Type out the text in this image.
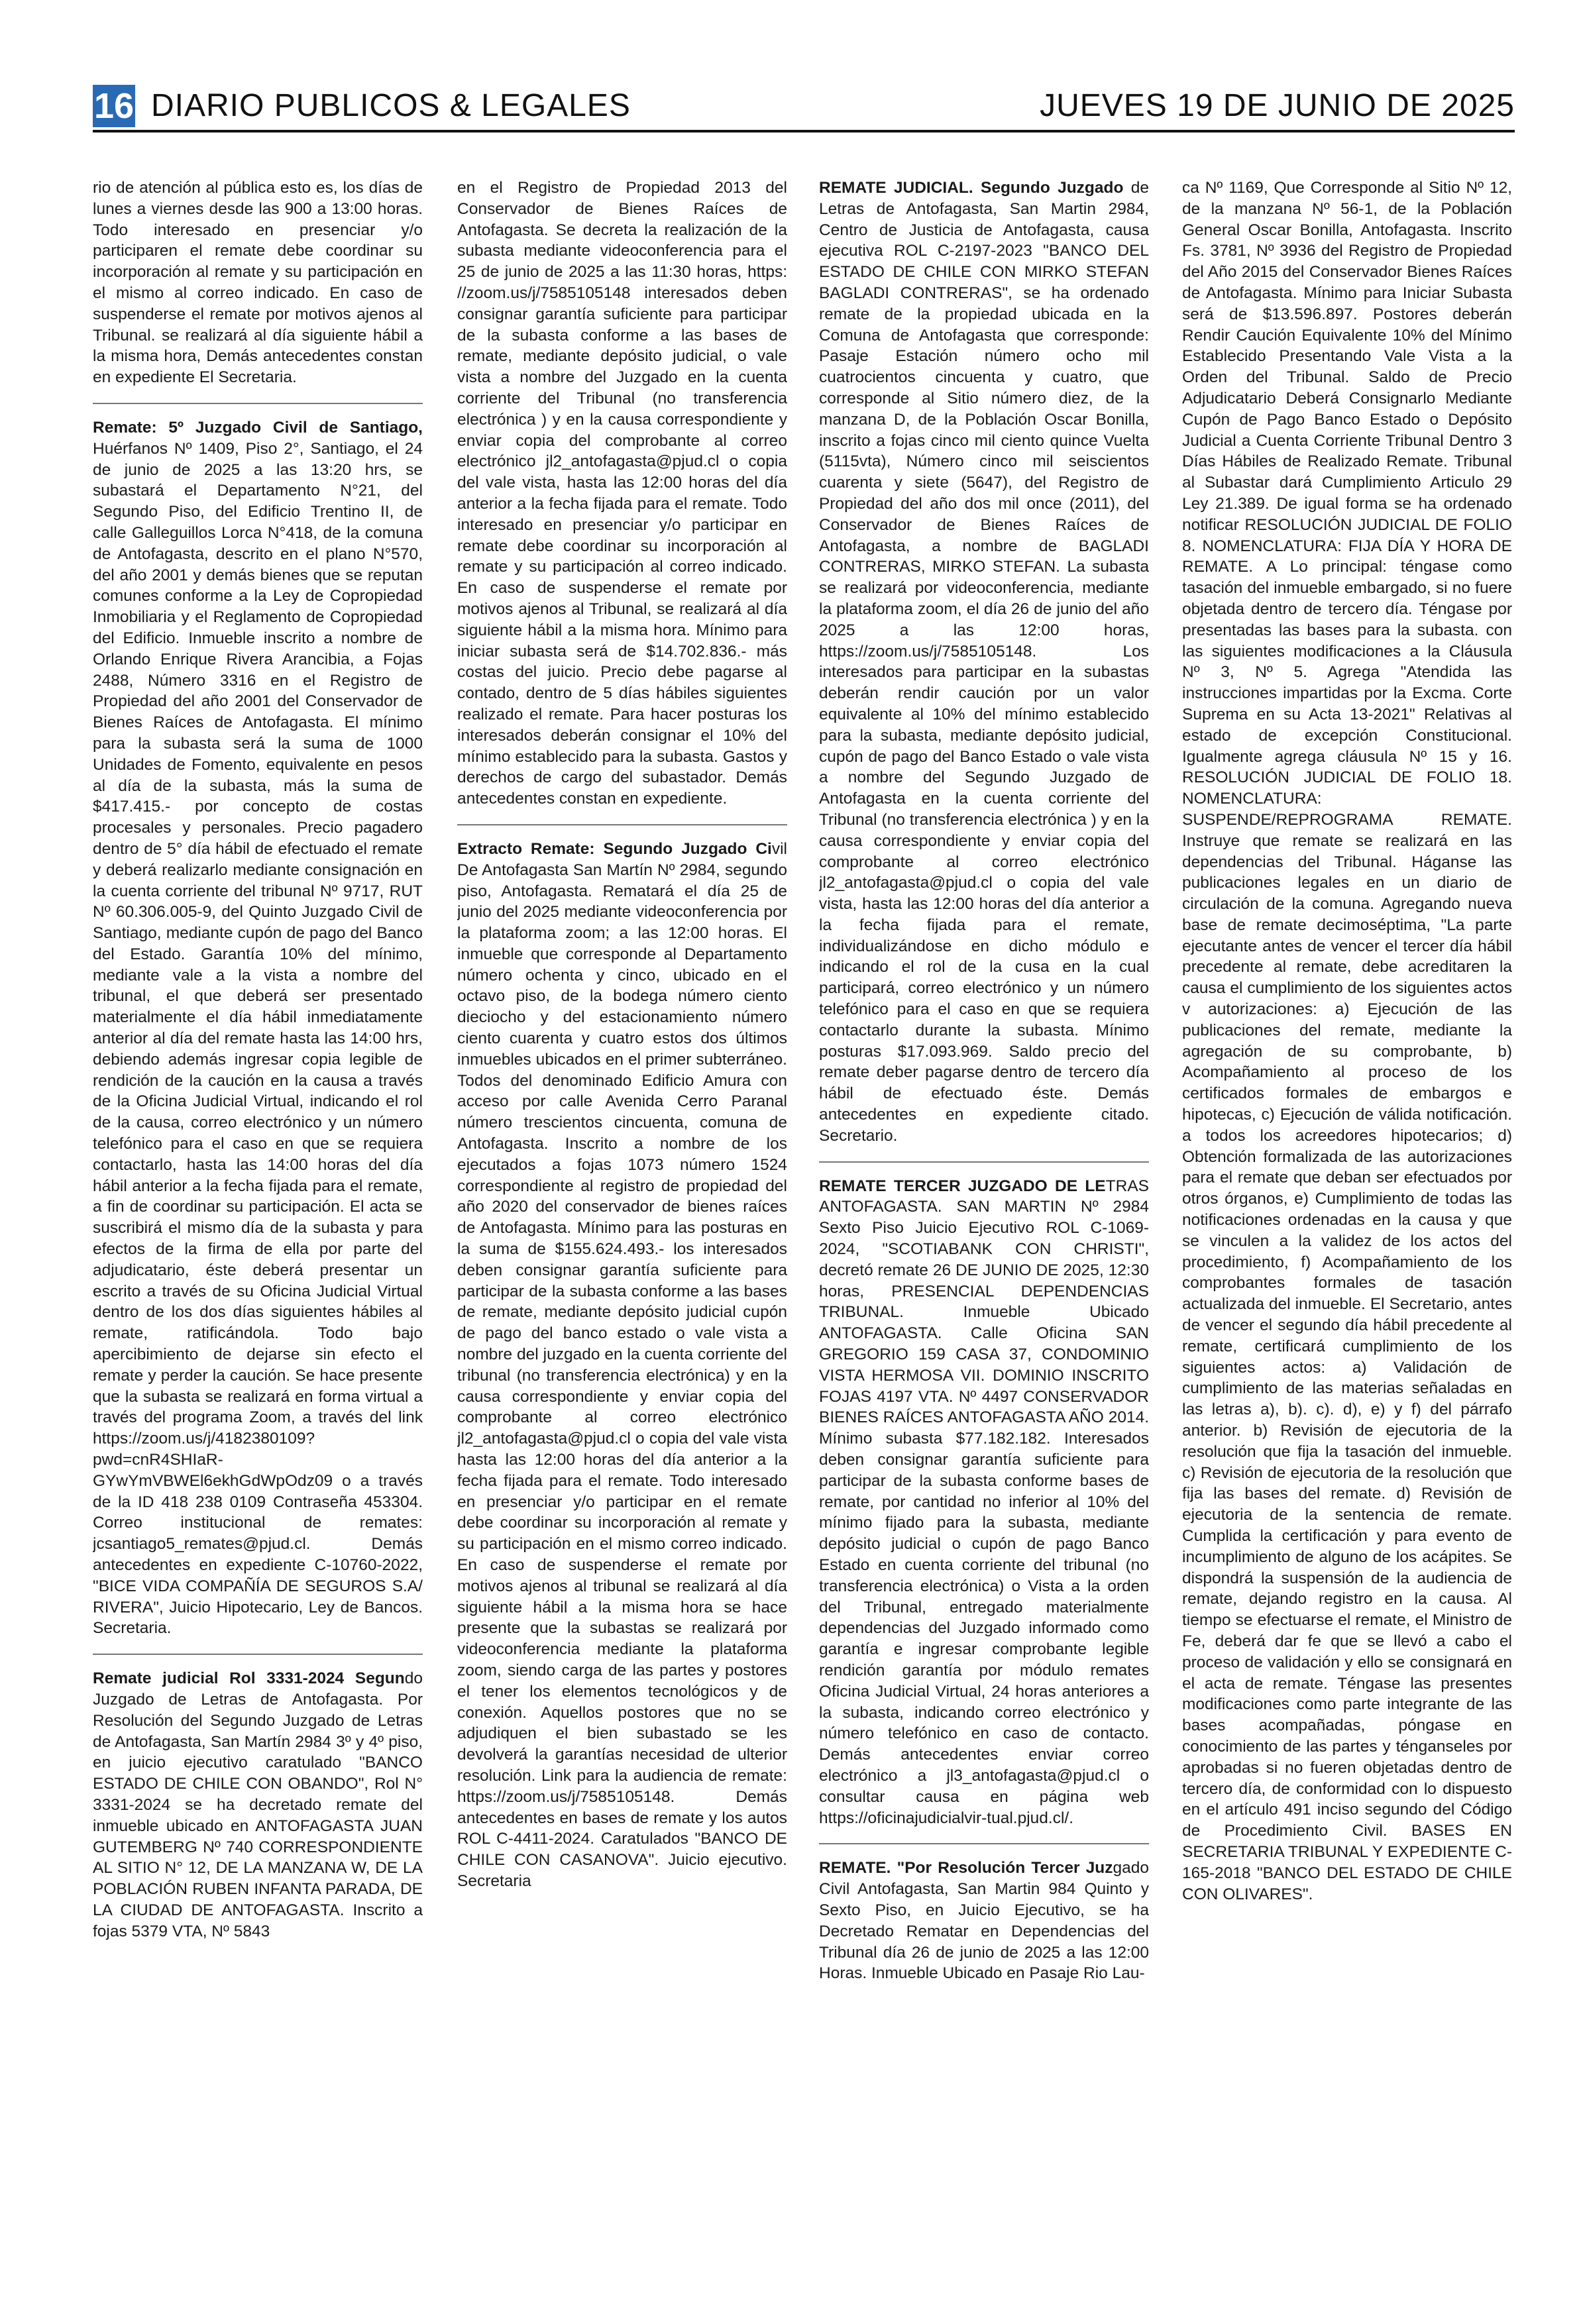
16 DIARIO PUBLICOS & LEGALES	JUEVES 19 DE JUNIO DE 2025

rio de atención al pública esto es, los días de lunes a viernes desde las 900 a 13:00 horas. Todo interesado en presenciar y/o participaren el remate debe coordinar su incorporación al remate y su participación en el mismo al correo indicado. En caso de suspenderse el remate por motivos ajenos al Tribunal. se realizará al día siguiente hábil a la misma hora, Demás antecedentes constan en expediente El Secretaria.

Remate: 5º Juzgado Civil de Santiago, Huérfanos Nº 1409, Piso 2°, Santiago, el 24 de junio de 2025 a las 13:20 hrs, se subastará el Departamento N°21, del Segundo Piso, del Edificio Trentino II, de calle Galleguillos Lorca N°418, de la comuna de Antofagasta, descrito en el plano N°570, del año 2001 y demás bienes que se reputan comunes conforme a la Ley de Copropiedad Inmobiliaria y el Reglamento de Copropiedad del Edificio. Inmueble inscrito a nombre de Orlando Enrique Rivera Arancibia, a Fojas 2488, Número 3316 en el Registro de Propiedad del año 2001 del Conservador de Bienes Raíces de Antofagasta. El mínimo para la subasta será la suma de 1000 Unidades de Fomento, equivalente en pesos al día de la subasta, más la suma de $417.415.- por concepto de costas procesales y personales. Precio pagadero dentro de 5° día hábil de efectuado el remate y deberá realizarlo mediante consignación en la cuenta corriente del tribunal Nº 9717, RUT Nº 60.306.005-9, del Quinto Juzgado Civil de Santiago, mediante cupón de pago del Banco del Estado. Garantía 10% del mínimo, mediante vale a la vista a nombre del tribunal, el que deberá ser presentado materialmente el día hábil inmediatamente anterior al día del remate hasta las 14:00 hrs, debiendo además ingresar copia legible de rendición de la caución en la causa a través de la Oficina Judicial Virtual, indicando el rol de la causa, correo electrónico y un número telefónico para el caso en que se requiera contactarlo, hasta las 14:00 horas del día hábil anterior a la fecha fijada para el remate, a fin de coordinar su participación. El acta se suscribirá el mismo día de la subasta y para efectos de la firma de ella por parte del adjudicatario, éste deberá presentar un escrito a través de su Oficina Judicial Virtual dentro de los dos días siguientes hábiles al remate, ratificándola. Todo bajo apercibimiento de dejarse sin efecto el remate y perder la caución. Se hace presente que la subasta se realizará en forma virtual a través del programa Zoom, a través del link https://zoom.us/j/4182380109?pwd=cnR4SHIaR-GYwYmVBWEl6ekhGdWpOdz09 o a través de la ID 418 238 0109 Contraseña 453304. Correo institucional de remates: jcsantiago5_remates@pjud.cl. Demás antecedentes en expediente C-10760-2022, "BICE VIDA COMPAÑÍA DE SEGUROS S.A/ RIVERA", Juicio Hipotecario, Ley de Bancos. Secretaria.

Remate judicial Rol 3331-2024 Segundo Juzgado de Letras de Antofagasta. Por Resolución del Segundo Juzgado de Letras de Antofagasta, San Martín 2984 3º y 4º piso, en juicio ejecutivo caratulado "BANCO ESTADO DE CHILE CON OBANDO", Rol N° 3331-2024 se ha decretado remate del inmueble ubicado en ANTOFAGASTA JUAN GUTEMBERG Nº 740 CORRESPONDIENTE AL SITIO N° 12, DE LA MANZANA W, DE LA POBLACIÓN RUBEN INFANTA PARADA, DE LA CIUDAD DE ANTOFAGASTA. Inscrito a fojas 5379 VTA, Nº 5843

en el Registro de Propiedad 2013 del Conservador de Bienes Raíces de Antofagasta. Se decreta la realización de la subasta mediante videoconferencia para el 25 de junio de 2025 a las 11:30 horas, https: //zoom.us/j/7585105148 interesados deben consignar garantía suficiente para participar de la subasta conforme a las bases de remate, mediante depósito judicial, o vale vista a nombre del Juzgado en la cuenta corriente del Tribunal (no transferencia electrónica ) y en la causa correspondiente y enviar copia del comprobante al correo electrónico jl2_antofagasta@pjud.cl o copia del vale vista, hasta las 12:00 horas del día anterior a la fecha fijada para el remate. Todo interesado en presenciar y/o participar en remate debe coordinar su incorporación al remate y su participación al correo indicado. En caso de suspenderse el remate por motivos ajenos al Tribunal, se realizará al día siguiente hábil a la misma hora. Mínimo para iniciar subasta será de $14.702.836.- más costas del juicio. Precio debe pagarse al contado, dentro de 5 días hábiles siguientes realizado el remate. Para hacer posturas los interesados deberán consignar el 10% del mínimo establecido para la subasta. Gastos y derechos de cargo del subastador. Demás antecedentes constan en expediente.

Extracto Remate: Segundo Juzgado Civil De Antofagasta San Martín Nº 2984, segundo piso, Antofagasta. Rematará el día 25 de junio del 2025 mediante videoconferencia por la plataforma zoom; a las 12:00 horas. El inmueble que corresponde al Departamento número ochenta y cinco, ubicado en el octavo piso, de la bodega número ciento dieciocho y del estacionamiento número ciento cuarenta y cuatro estos dos últimos inmuebles ubicados en el primer subterráneo. Todos del denominado Edificio Amura con acceso por calle Avenida Cerro Paranal número trescientos cincuenta, comuna de Antofagasta. Inscrito a nombre de los ejecutados a fojas 1073 número 1524 correspondiente al registro de propiedad del año 2020 del conservador de bienes raíces de Antofagasta. Mínimo para las posturas en la suma de $155.624.493.- los interesados deben consignar garantía suficiente para participar de la subasta conforme a las bases de remate, mediante depósito judicial cupón de pago del banco estado o vale vista a nombre del juzgado en la cuenta corriente del tribunal (no transferencia electrónica) y en la causa correspondiente y enviar copia del comprobante al correo electrónico jl2_antofagasta@pjud.cl o copia del vale vista hasta las 12:00 horas del día anterior a la fecha fijada para el remate. Todo interesado en presenciar y/o participar en el remate debe coordinar su incorporación al remate y su participación en el mismo correo indicado. En caso de suspenderse el remate por motivos ajenos al tribunal se realizará al día siguiente hábil a la misma hora se hace presente que la subastas se realizará por videoconferencia mediante la plataforma zoom, siendo carga de las partes y postores el tener los elementos tecnológicos y de conexión. Aquellos postores que no se adjudiquen el bien subastado se les devolverá la garantías necesidad de ulterior resolución. Link para la audiencia de remate: https://zoom.us/j/7585105148. Demás antecedentes en bases de remate y los autos ROL C-4411-2024. Caratulados "BANCO DE CHILE CON CASANOVA". Juicio ejecutivo. Secretaria

REMATE JUDICIAL. Segundo Juzgado de Letras de Antofagasta, San Martin 2984, Centro de Justicia de Antofagasta, causa ejecutiva ROL C-2197-2023 "BANCO DEL ESTADO DE CHILE CON MIRKO STEFAN BAGLADI CONTRERAS", se ha ordenado remate de la propiedad ubicada en la Comuna de Antofagasta que corresponde: Pasaje Estación número ocho mil cuatrocientos cincuenta y cuatro, que corresponde al Sitio número diez, de la manzana D, de la Población Oscar Bonilla, inscrito a fojas cinco mil ciento quince Vuelta (5115vta), Número cinco mil seiscientos cuarenta y siete (5647), del Registro de Propiedad del año dos mil once (2011), del Conservador de Bienes Raíces de Antofagasta, a nombre de BAGLADI CONTRERAS, MIRKO STEFAN. La subasta se realizará por videoconferencia, mediante la plataforma zoom, el día 26 de junio del año 2025 a las 12:00 horas, https://zoom.us/j/7585105148. Los interesados para participar en la subastas deberán rendir caución por un valor equivalente al 10% del mínimo establecido para la subasta, mediante depósito judicial, cupón de pago del Banco Estado o vale vista a nombre del Segundo Juzgado de Antofagasta en la cuenta corriente del Tribunal (no transferencia electrónica ) y en la causa correspondiente y enviar copia del comprobante al correo electrónico jl2_antofagasta@pjud.cl o copia del vale vista, hasta las 12:00 horas del día anterior a la fecha fijada para el remate, individualizándose en dicho módulo e indicando el rol de la cusa en la cual participará, correo electrónico y un número telefónico para el caso en que se requiera contactarlo durante la subasta. Mínimo posturas $17.093.969. Saldo precio del remate deber pagarse dentro de tercero día hábil de efectuado éste. Demás antecedentes en expediente citado. Secretario.

REMATE TERCER JUZGADO DE LETRAS ANTOFAGASTA. SAN MARTIN Nº 2984 Sexto Piso Juicio Ejecutivo ROL C-1069-2024, "SCOTIABANK CON CHRISTI", decretó remate 26 DE JUNIO DE 2025, 12:30 horas, PRESENCIAL DEPENDENCIAS TRIBUNAL. Inmueble Ubicado ANTOFAGASTA. Calle Oficina SAN GREGORIO 159 CASA 37, CONDOMINIO VISTA HERMOSA VII. DOMINIO INSCRITO FOJAS 4197 VTA. Nº 4497 CONSERVADOR BIENES RAÍCES ANTOFAGASTA AÑO 2014. Mínimo subasta $77.182.182. Interesados deben consignar garantía suficiente para participar de la subasta conforme bases de remate, por cantidad no inferior al 10% del mínimo fijado para la subasta, mediante depósito judicial o cupón de pago Banco Estado en cuenta corriente del tribunal (no transferencia electrónica) o Vista a la orden del Tribunal, entregado materialmente dependencias del Juzgado informado como garantía e ingresar comprobante legible rendición garantía por módulo remates Oficina Judicial Virtual, 24 horas anteriores a la subasta, indicando correo electrónico y número telefónico en caso de contacto. Demás antecedentes enviar correo electrónico a jl3_antofagasta@pjud.cl o consultar causa en página web https://oficinajudicialvir-tual.pjud.cl/.

REMATE. "Por Resolución Tercer Juzgado Civil Antofagasta, San Martin 984 Quinto y Sexto Piso, en Juicio Ejecutivo, se ha Decretado Rematar en Dependencias del Tribunal día 26 de junio de 2025 a las 12:00 Horas. Inmueble Ubicado en Pasaje Rio Lau-

ca Nº 1169, Que Corresponde al Sitio Nº 12, de la manzana Nº 56-1, de la Población General Oscar Bonilla, Antofagasta. Inscrito Fs. 3781, Nº 3936 del Registro de Propiedad del Año 2015 del Conservador Bienes Raíces de Antofagasta. Mínimo para Iniciar Subasta será de $13.596.897. Postores deberán Rendir Caución Equivalente 10% del Mínimo Establecido Presentando Vale Vista a la Orden del Tribunal. Saldo de Precio Adjudicatario Deberá Consignarlo Mediante Cupón de Pago Banco Estado o Depósito Judicial a Cuenta Corriente Tribunal Dentro 3 Días Hábiles de Realizado Remate. Tribunal al Subastar dará Cumplimiento Articulo 29 Ley 21.389. De igual forma se ha ordenado notificar RESOLUCIÓN JUDICIAL DE FOLIO 8. NOMENCLATURA: FIJA DÍA Y HORA DE REMATE. A Lo principal: téngase como tasación del inmueble embargado, si no fuere objetada dentro de tercero día. Téngase por presentadas las bases para la subasta. con las siguientes modificaciones a la Cláusula Nº 3, Nº 5. Agrega "Atendida las instrucciones impartidas por la Excma. Corte Suprema en su Acta 13-2021" Relativas al estado de excepción Constitucional. Igualmente agrega cláusula Nº 15 y 16. RESOLUCIÓN JUDICIAL DE FOLIO 18. NOMENCLATURA: SUSPENDE/REPROGRAMA REMATE. Instruye que remate se realizará en las dependencias del Tribunal. Háganse las publicaciones legales en un diario de circulación de la comuna. Agregando nueva base de remate decimoséptima, "La parte ejecutante antes de vencer el tercer día hábil precedente al remate, debe acreditaren la causa el cumplimiento de los siguientes actos v autorizaciones: a) Ejecución de las publicaciones del remate, mediante la agregación de su comprobante, b) Acompañamiento al proceso de los certificados formales de embargos e hipotecas, c) Ejecución de válida notificación. a todos los acreedores hipotecarios; d) Obtención formalizada de las autorizaciones para el remate que deban ser efectuados por otros órganos, e) Cumplimiento de todas las notificaciones ordenadas en la causa y que se vinculen a la validez de los actos del procedimiento, f) Acompañamiento de los comprobantes formales de tasación actualizada del inmueble. El Secretario, antes de vencer el segundo día hábil precedente al remate, certificará cumplimiento de los siguientes actos: a) Validación de cumplimiento de las materias señaladas en las letras a), b). c). d), e) y f) del párrafo anterior. b) Revisión de ejecutoria de la resolución que fija la tasación del inmueble. c) Revisión de ejecutoria de la resolución que fija las bases del remate. d) Revisión de ejecutoria de la sentencia de remate. Cumplida la certificación y para evento de incumplimiento de alguno de los acápites. Se dispondrá la suspensión de la audiencia de remate, dejando registro en la causa. Al tiempo se efectuarse el remate, el Ministro de Fe, deberá dar fe que se llevó a cabo el proceso de validación y ello se consignará en el acta de remate. Téngase las presentes modificaciones como parte integrante de las bases acompañadas, póngase en conocimiento de las partes y ténganseles por aprobadas si no fueren objetadas dentro de tercero día, de conformidad con lo dispuesto en el artículo 491 inciso segundo del Código de Procedimiento Civil. BASES EN SECRETARIA TRIBUNAL Y EXPEDIENTE C-165-2018 "BANCO DEL ESTADO DE CHILE CON OLIVARES".
